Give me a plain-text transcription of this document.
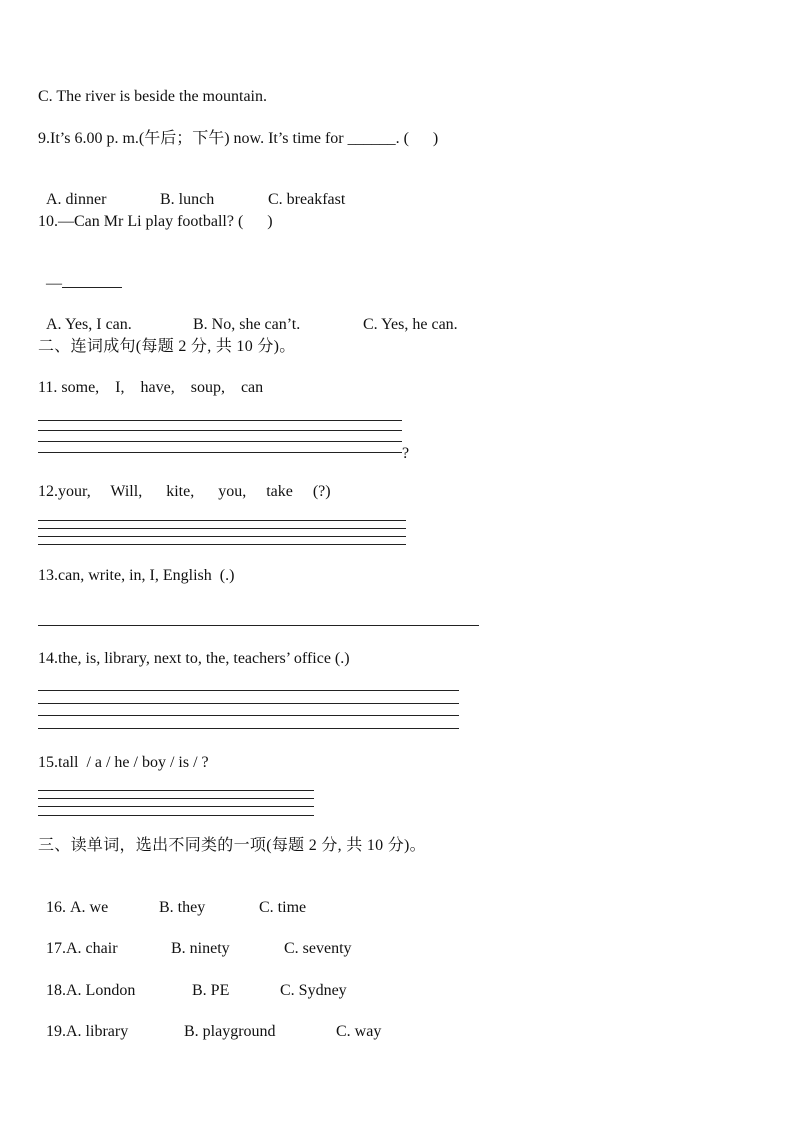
C. The river is beside the mountain.
9.It’s 6.00 p. m.(午后；下午) now. It’s time for ______. (      )

A. dinner	B. lunch	C. breakfast

10.—Can Mr Li play football? (      )

—

A. Yes, I can.	B. No, she can’t.	C. Yes, he can.

二、连词成句(每题 2 分, 共 10 分)。
11. some,    I,    have,    soup,    can
?
12.your,     Will,      kite,      you,     take     (?)
13.can, write, in, I, English  (.)
14.the, is, library, next to, the, teachers’ office (.)
15.tall  / a / he / boy / is / ?
三、读单词，选出不同类的一项(每题 2 分, 共 10 分)。

16. A. we	B. they	C. time

17.A. chair	B. ninety	C. seventy

18.A. London	B. PE	C. Sydney

19.A. library	B. playground	C. way
